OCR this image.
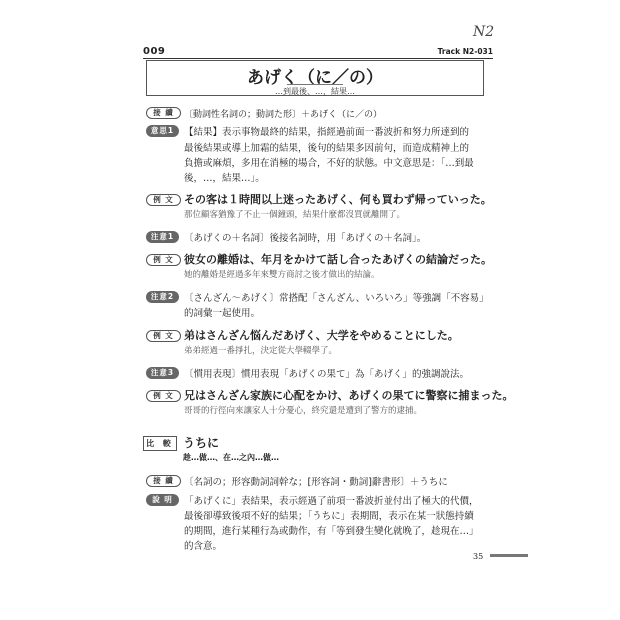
N2
009	Track N2-031
あげく（に／の）
…到最後、…，結果…
接 續	〔動詞性名詞の；動詞た形〕＋あげく（に／の）
意思1	【結果】表示事物最終的結果，指經過前面一番波折和努力所達到的
最後結果或導上加霜的結果，後句的結果多因前句，而造成精神上的
負擔或麻煩，多用在消極的場合，不好的狀態。中文意思是：「…到最
後，…，結果…」。
例 文 その客は１時間以上迷ったあげく、何も買わず帰っていった。
那位顧客猶豫了不止一個鐘頭，結果什麼都沒買就離開了。
注意1	〔あげくの＋名詞〕後接名詞時，用「あげくの＋名詞」。
例 文 彼女の離婚は、年月をかけて話し合ったあげくの結論だった。
她的離婚是經過多年來雙方商討之後才做出的結論。
注意2	〔さんざん～あげく〕常搭配「さんざん、いろいろ」等強調「不容易」
的詞彙一起使用。
例 文 弟はさんざん悩んだあげく、大学をやめることにした。
弟弟經過一番掙扎，決定從大學輟學了。
注意3	〔慣用表現〕慣用表現「あげくの果て」為「あげく」的強調說法。
例 文 兄はさんざん家族に心配をかけ、あげくの果てに警察に捕まった。
哥哥的行徑向來讓家人十分憂心，終究還是遭到了警方的逮捕。
比 較 うちに
趁…做…、在…之內…做…
接 續	〔名詞の；形容動詞詞幹な；[形容詞・動詞]辭書形〕＋うちに
說 明	「あげくに」表結果，表示經過了前項一番波折並付出了極大的代價，
最後卻導致後項不好的結果；「うちに」表期間，表示在某一狀態持續
的期間，進行某種行為或動作，有「等到發生變化就晚了，趁現在…」
的含意。
35
